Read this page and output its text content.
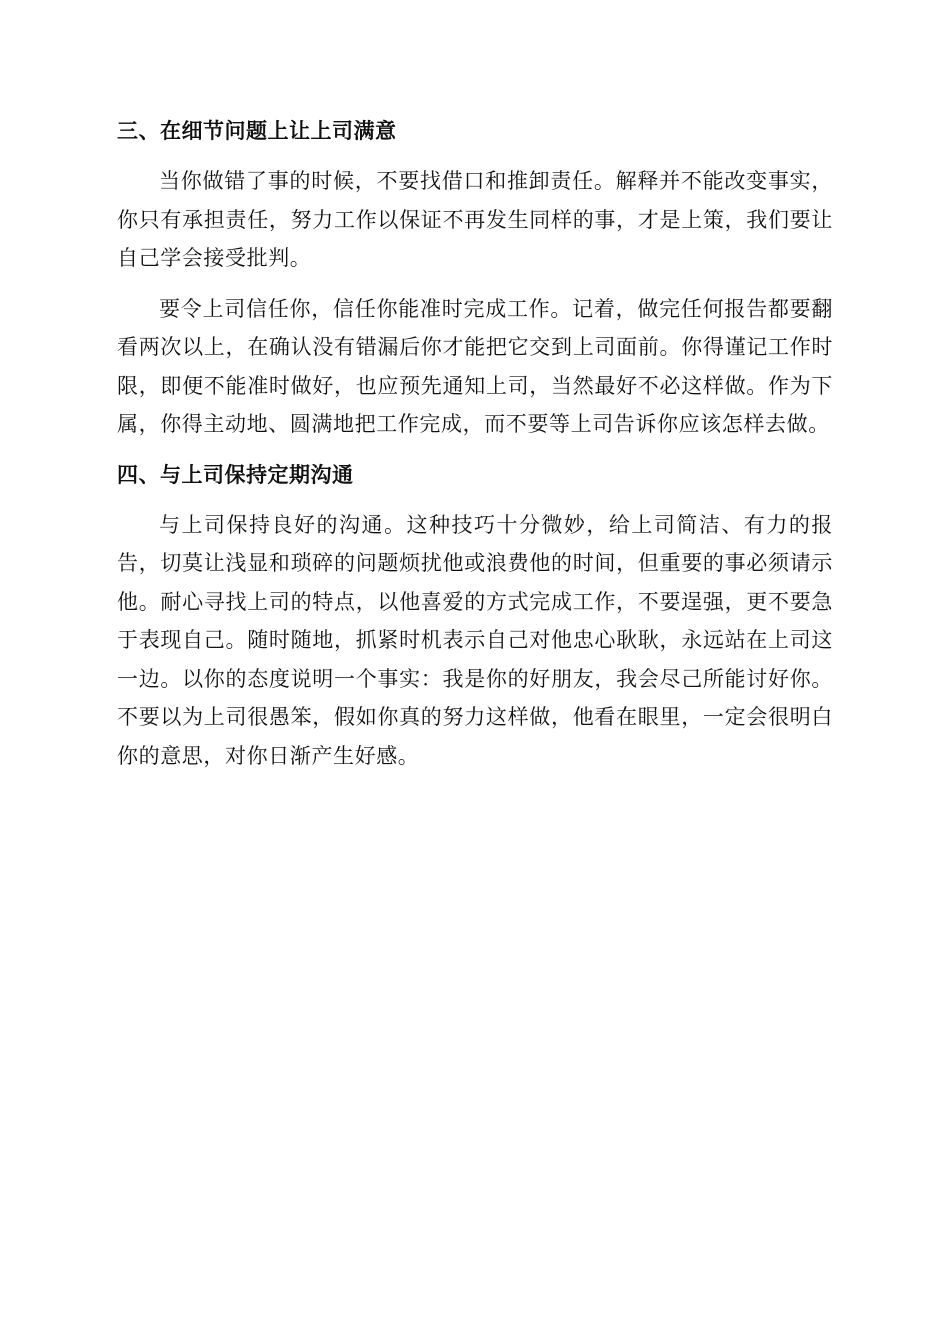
三、在细节问题上让上司满意

当你做错了事的时候，不要找借口和推卸责任。解释并不能改变事实，你只有承担责任，努力工作以保证不再发生同样的事，才是上策，我们要让自己学会接受批判。

要令上司信任你，信任你能准时完成工作。记着，做完任何报告都要翻看两次以上，在确认没有错漏后你才能把它交到上司面前。你得谨记工作时限，即便不能准时做好，也应预先通知上司，当然最好不必这样做。作为下属，你得主动地、圆满地把工作完成，而不要等上司告诉你应该怎样去做。

四、与上司保持定期沟通

与上司保持良好的沟通。这种技巧十分微妙，给上司简洁、有力的报告，切莫让浅显和琐碎的问题烦扰他或浪费他的时间，但重要的事必须请示他。耐心寻找上司的特点，以他喜爱的方式完成工作，不要逞强，更不要急于表现自己。随时随地，抓紧时机表示自己对他忠心耿耿，永远站在上司这一边。以你的态度说明一个事实：我是你的好朋友，我会尽己所能讨好你。不要以为上司很愚笨，假如你真的努力这样做，他看在眼里，一定会很明白你的意思，对你日渐产生好感。
